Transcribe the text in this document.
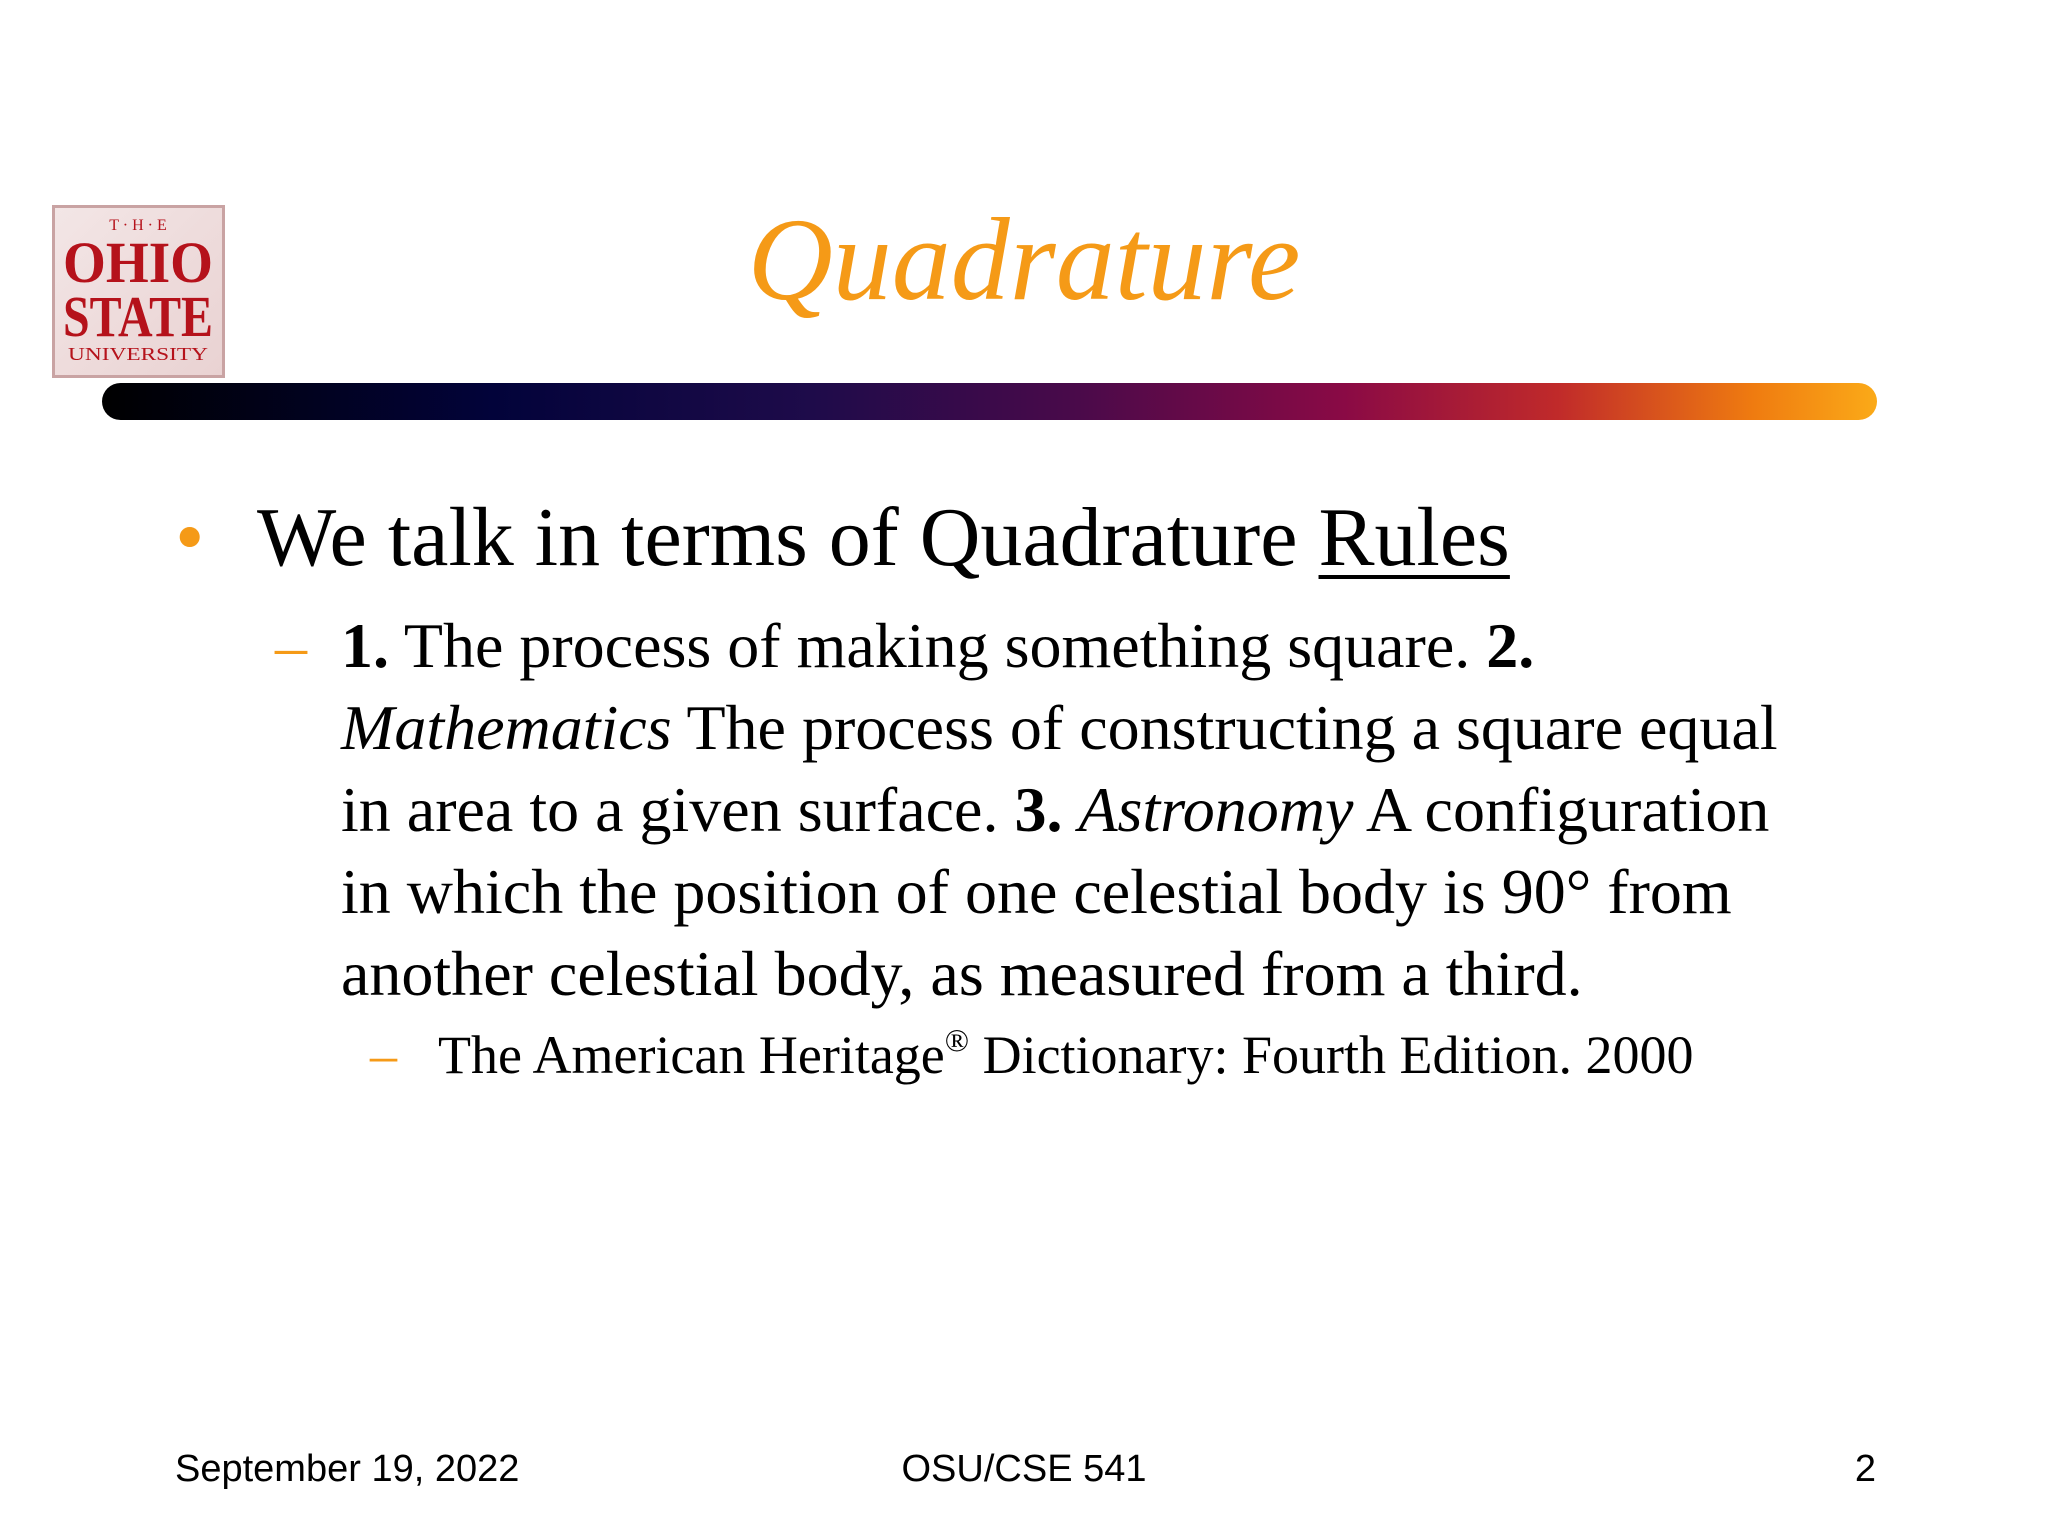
T · H · E
OHIO
STATE
UNIVERSITY
Quadrature
• We talk in terms of Quadrature Rules
– 1. The process of making something square. 2.
Mathematics The process of constructing a square equal
in area to a given surface. 3. Astronomy A configuration
in which the position of one celestial body is 90° from
another celestial body, as measured from a third.
– The American Heritage® Dictionary: Fourth Edition. 2000
September 19, 2022	OSU/CSE 541	2
